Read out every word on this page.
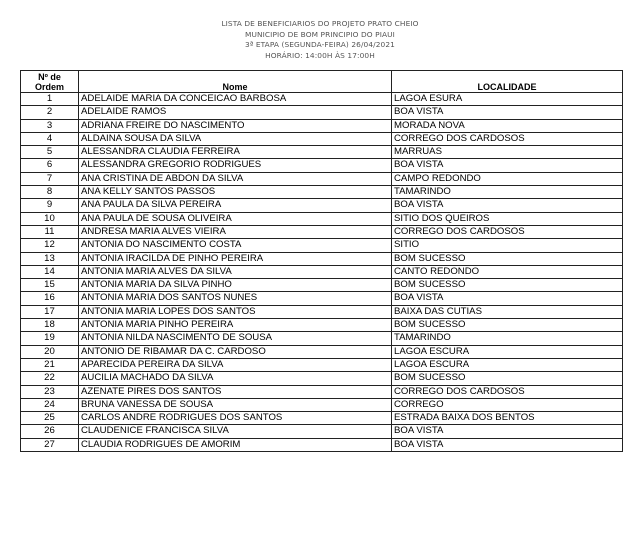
LISTA DE BENEFICIARIOS DO PROJETO PRATO CHEIO
MUNICIPIO DE BOM PRINCIPIO DO PIAUI
3ª ETAPA (SEGUNDA-FEIRA) 26/04/2021
HORÁRIO: 14:00H ÀS 17:00H
Nº de
Ordem	Nome	LOCALIDADE
1	ADELAIDE MARIA DA CONCEICAO BARBOSA	LAGOA ESURA
2	ADELAIDE RAMOS	BOA VISTA
3	ADRIANA FREIRE DO NASCIMENTO	MORADA NOVA
4	ALDAINA SOUSA DA SILVA	CORREGO DOS CARDOSOS
5	ALESSANDRA CLAUDIA FERREIRA	MARRUAS
6	ALESSANDRA GREGORIO RODRIGUES	BOA VISTA
7	ANA CRISTINA DE ABDON DA SILVA	CAMPO REDONDO
8	ANA KELLY SANTOS PASSOS	TAMARINDO
9	ANA PAULA DA SILVA PEREIRA	BOA VISTA
10	ANA PAULA DE SOUSA OLIVEIRA	SITIO DOS QUEIROS
11	ANDRESA MARIA ALVES VIEIRA	CORREGO DOS CARDOSOS
12	ANTONIA DO NASCIMENTO COSTA	SITIO
13	ANTONIA IRACILDA DE PINHO PEREIRA	BOM SUCESSO
14	ANTONIA MARIA ALVES DA SILVA	CANTO REDONDO
15	ANTONIA MARIA DA SILVA PINHO	BOM SUCESSO
16	ANTONIA MARIA DOS SANTOS NUNES	BOA VISTA
17	ANTONIA MARIA LOPES DOS SANTOS	BAIXA DAS CUTIAS
18	ANTONIA MARIA PINHO PEREIRA	BOM SUCESSO
19	ANTONIA NILDA NASCIMENTO DE SOUSA	TAMARINDO
20	ANTONIO DE RIBAMAR DA C. CARDOSO	LAGOA ESCURA
21	APARECIDA PEREIRA DA SILVA	LAGOA ESCURA
22	AUCILIA MACHADO DA SILVA	BOM SUCESSO
23	AZENATE PIRES DOS SANTOS	CORREGO DOS CARDOSOS
24	BRUNA VANESSA DE SOUSA	CORREGO
25	CARLOS ANDRE RODRIGUES DOS SANTOS	ESTRADA BAIXA DOS BENTOS
26	CLAUDENICE FRANCISCA SILVA	BOA VISTA
27	CLAUDIA RODRIGUES DE AMORIM	BOA VISTA
